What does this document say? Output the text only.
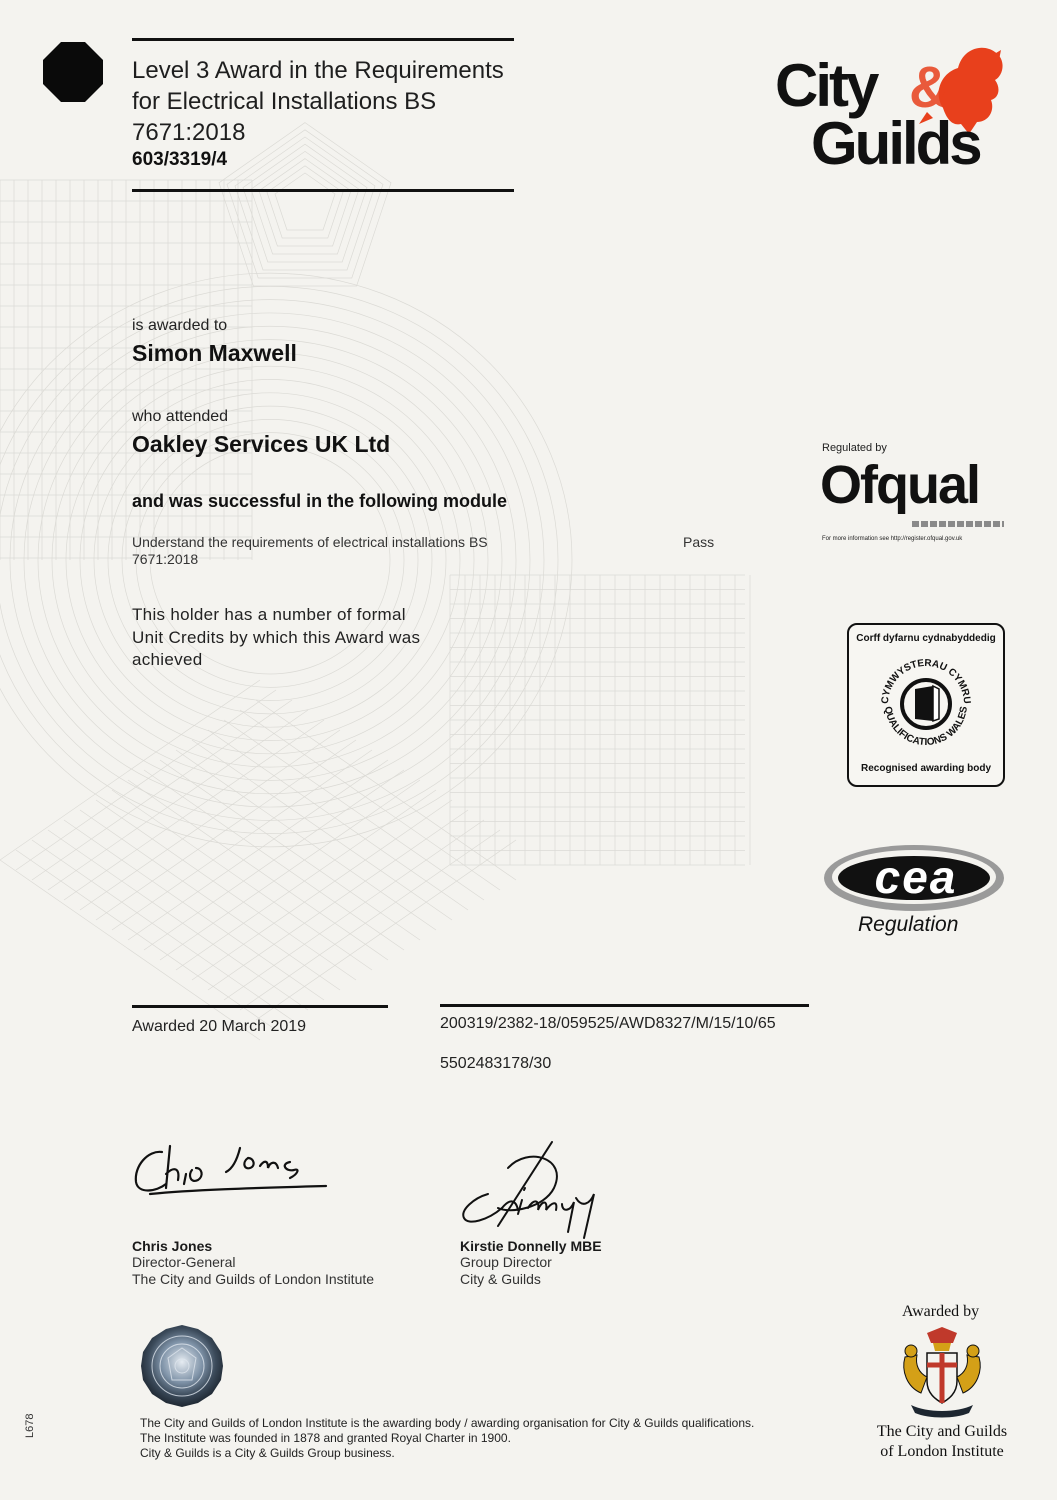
Level 3 Award in the Requirements
for Electrical Installations BS
7671:2018
603/3319/4
City &
Guilds
is awarded to
Simon Maxwell
who attended
Oakley Services UK Ltd
and was successful in the following module
Understand the requirements of electrical installations BS
7671:2018
Pass
This holder has a number of formal
Unit Credits by which this Award was
achieved
Regulated by
Ofqual
For more information see http://register.ofqual.gov.uk
Corff dyfarnu cydnabyddedig
CYMWYSTERAU CYMRU
QUALIFICATIONS WALES
Recognised awarding body
cea
Regulation
Awarded 20 March 2019	200319/2382-18/059525/AWD8327/M/15/10/65
5502483178/30
Chris Jones
Director-General
The City and Guilds of London Institute
Kirstie Donnelly MBE
Group Director
City & Guilds
Awarded by
The City and Guilds
of London Institute
The City and Guilds of London Institute is the awarding body / awarding organisation for City & Guilds qualifications.
The Institute was founded in 1878 and granted Royal Charter in 1900.
City & Guilds is a City & Guilds Group business.
L678
